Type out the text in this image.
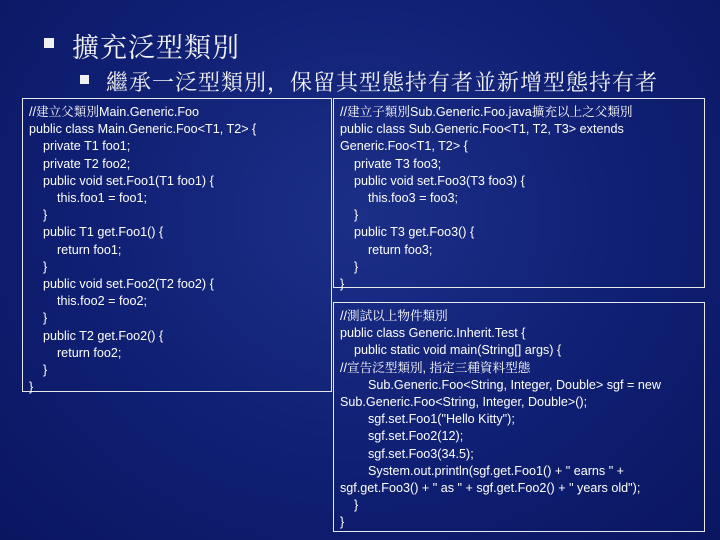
擴充泛型類別
繼承一泛型類別，保留其型態持有者並新增型態持有者
//建立父類別Main.Generic.Foo
public class Main.Generic.Foo<T1, T2> {
private T1 foo1;
private T2 foo2;
public void set.Foo1(T1 foo1) {
this.foo1 = foo1;
}
public T1 get.Foo1() {
return foo1;
}
public void set.Foo2(T2 foo2) {
this.foo2 = foo2;
}
public T2 get.Foo2() {
return foo2;
}
}
//建立子類別Sub.Generic.Foo.java擴充以上之父類別
public class Sub.Generic.Foo<T1, T2, T3> extends
Generic.Foo<T1, T2> {
private T3 foo3;
public void set.Foo3(T3 foo3) {
this.foo3 = foo3;
}
public T3 get.Foo3() {
return foo3;
}
}
//測試以上物件類別
public class Generic.Inherit.Test {
public static void main(String[] args) {
//宣告泛型類別, 指定三種資料型態
Sub.Generic.Foo<String, Integer, Double> sgf = new
Sub.Generic.Foo<String, Integer, Double>();
sgf.set.Foo1("Hello Kitty");
sgf.set.Foo2(12);
sgf.set.Foo3(34.5);
System.out.println(sgf.get.Foo1() + " earns " +
sgf.get.Foo3() + " as " + sgf.get.Foo2() + " years old");
}
}
